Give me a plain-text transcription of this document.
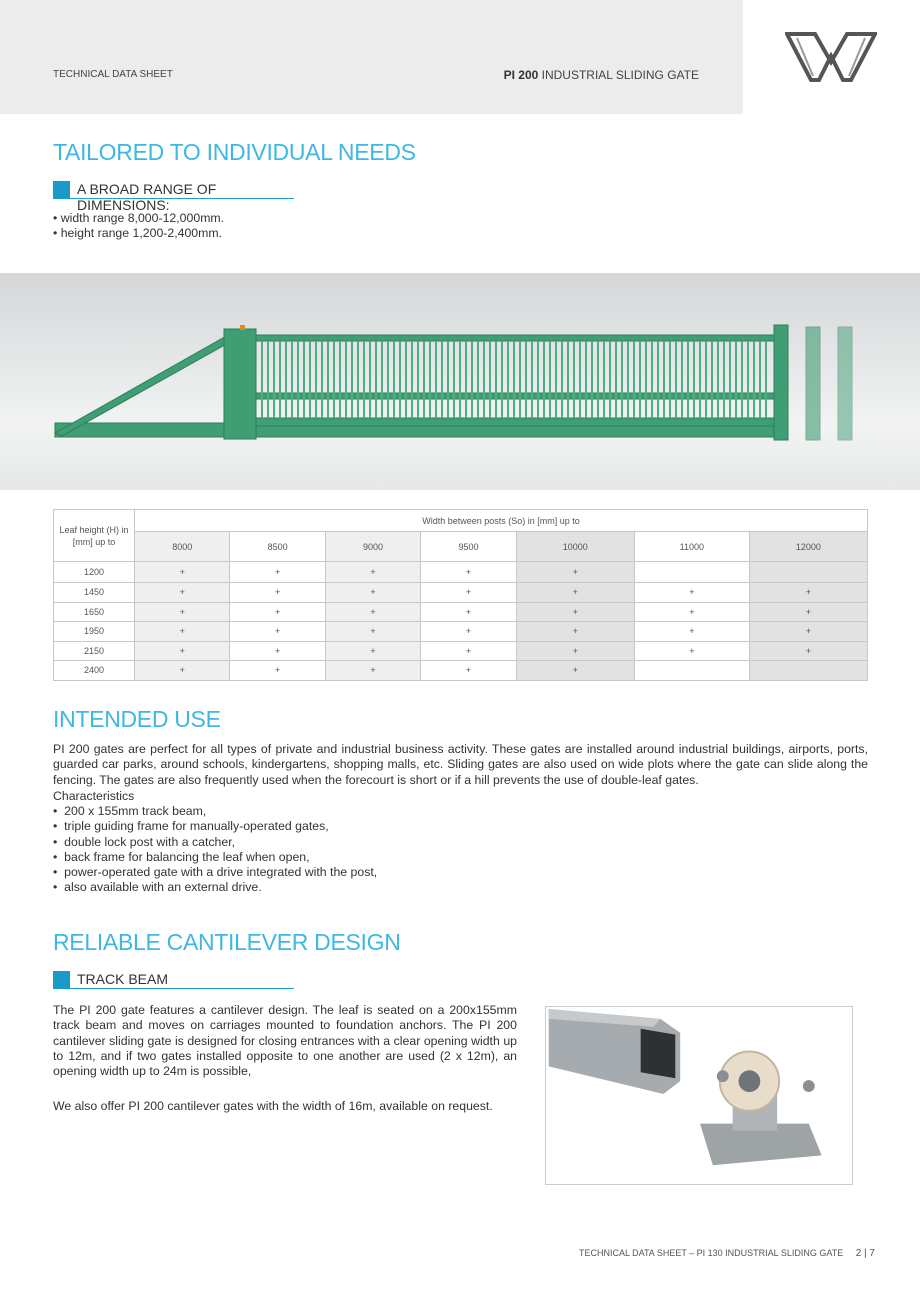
TECHNICAL DATA SHEET	PI 200 INDUSTRIAL SLIDING GATE
TAILORED TO INDIVIDUAL NEEDS
A BROAD RANGE OF DIMENSIONS:
• width range 8,000-12,000mm.
• height range 1,200-2,400mm.
Leaf height (H) in [mm] up to	Width between posts (So) in [mm] up to						
	8000	8500	9000	9500	10000	11000	12000
1200	+	+	+	+	+		
1450	+	+	+	+	+	+	+
1650	+	+	+	+	+	+	+
1950	+	+	+	+	+	+	+
2150	+	+	+	+	+	+	+
2400	+	+	+	+	+		
INTENDED USE
PI 200 gates are perfect for all types of private and industrial business activity. These gates are installed around industrial buildings, airports, ports, guarded car parks, around schools, kindergartens, shopping malls, etc. Sliding gates are also used on wide plots where the gate can slide along the fencing. The gates are also frequently used when the forecourt is short or if a hill prevents the use of double-leaf gates.
Characteristics
•  200 x 155mm track beam,
•  triple guiding frame for manually-operated gates,
•  double lock post with a catcher,
•  back frame for balancing the leaf when open,
•  power-operated gate with a drive integrated with the post,
•  also available with an external drive.
RELIABLE CANTILEVER DESIGN
TRACK BEAM
The PI 200 gate features a cantilever design. The leaf is seated on a 200x155mm track beam and moves on carriages mounted to foundation anchors. The PI 200 cantilever sliding gate is designed for closing entrances with a clear opening width up to 12m, and if two gates installed opposite to one another are used (2 x 12m), an opening width up to 24m is possible,
We also offer PI 200 cantilever gates with the width of 16m, available on request.
TECHNICAL DATA SHEET – PI 130 INDUSTRIAL SLIDING GATE 2 | 7
